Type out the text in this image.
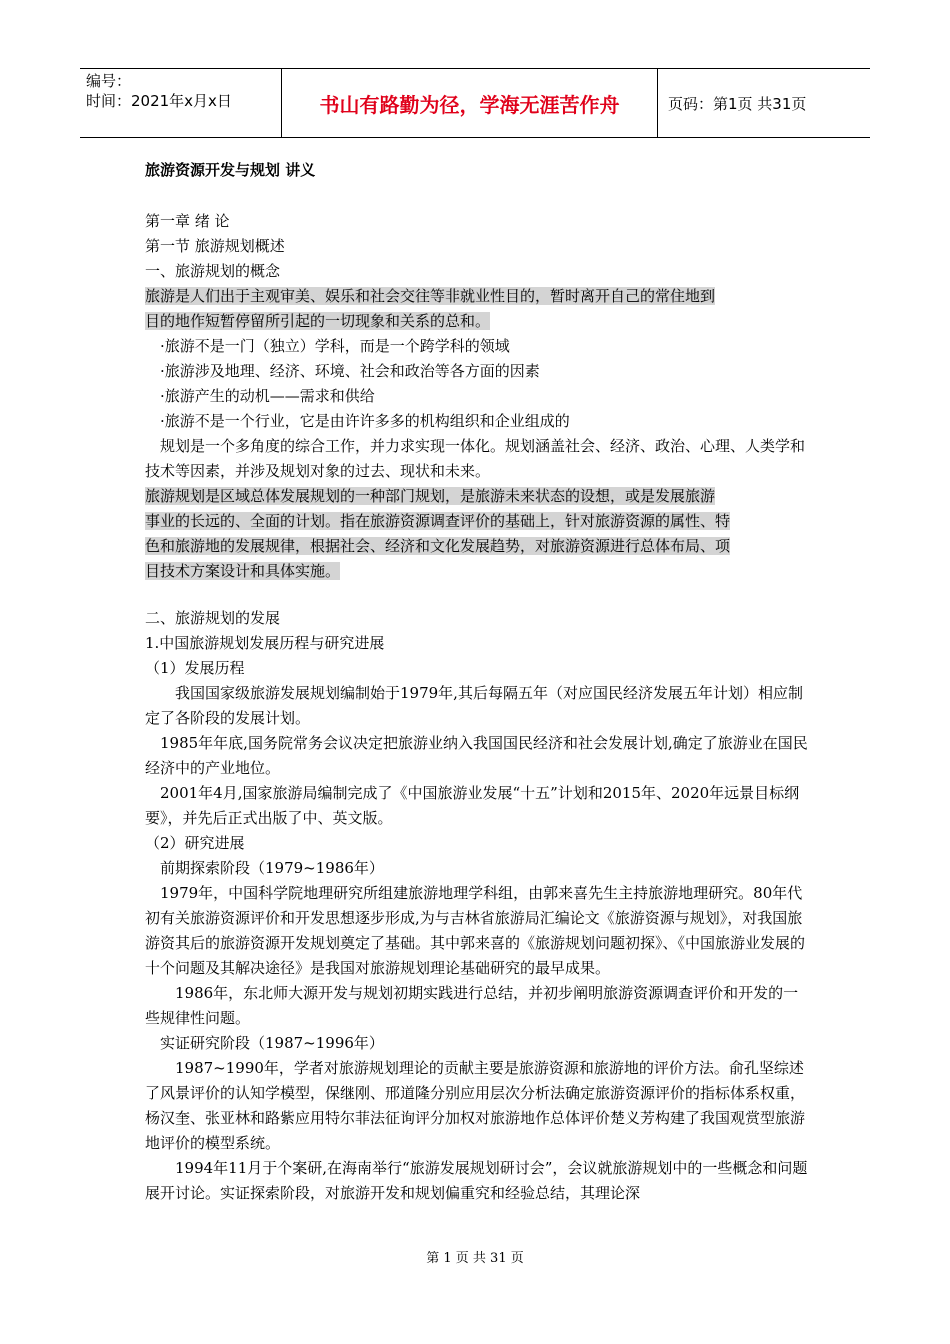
编号：
时间：2021年x月x日	书山有路勤为径，学海无涯苦作舟	页码：第1页 共31页

旅游资源开发与规划 讲义

第一章 绪 论

第一节 旅游规划概述

一、旅游规划的概念

旅游是人们出于主观审美、娱乐和社会交往等非就业性目的，暂时离开自己的常住地到

目的地作短暂停留所引起的一切现象和关系的总和。

·旅游不是一门（独立）学科，而是一个跨学科的领域

·旅游涉及地理、经济、环境、社会和政治等各方面的因素

·旅游产生的动机——需求和供给

·旅游不是一个行业，它是由许许多多的机构组织和企业组成的

规划是一个多角度的综合工作，并力求实现一体化。规划涵盖社会、经济、政治、心理、人类学和技术等因素，并涉及规划对象的过去、现状和未来。

旅游规划是区域总体发展规划的一种部门规划，是旅游未来状态的设想，或是发展旅游

事业的长远的、全面的计划。指在旅游资源调查评价的基础上，针对旅游资源的属性、特

色和旅游地的发展规律，根据社会、经济和文化发展趋势，对旅游资源进行总体布局、项

目技术方案设计和具体实施。

二、旅游规划的发展

1.中国旅游规划发展历程与研究进展

（1）发展历程

我国国家级旅游发展规划编制始于1979年,其后每隔五年（对应国民经济发展五年计划）相应制定了各阶段的发展计划。

1985年年底,国务院常务会议决定把旅游业纳入我国国民经济和社会发展计划,确定了旅游业在国民经济中的产业地位。

2001年4月,国家旅游局编制完成了《中国旅游业发展“十五”计划和2015年、2020年远景目标纲要》，并先后正式出版了中、英文版。

（2）研究进展

前期探索阶段（1979~1986年）

1979年，中国科学院地理研究所组建旅游地理学科组，由郭来喜先生主持旅游地理研究。80年代初有关旅游资源评价和开发思想逐步形成,为与吉林省旅游局汇编论文《旅游资源与规划》，对我国旅游资其后的旅游资源开发规划奠定了基础。其中郭来喜的《旅游规划问题初探》、《中国旅游业发展的十个问题及其解决途径》是我国对旅游规划理论基础研究的最早成果。

1986年，东北师大源开发与规划初期实践进行总结，并初步阐明旅游资源调查评价和开发的一些规律性问题。

实证研究阶段（1987~1996年）

1987~1990年，学者对旅游规划理论的贡献主要是旅游资源和旅游地的评价方法。俞孔坚综述了风景评价的认知学模型，保继刚、邢道隆分别应用层次分析法确定旅游资源评价的指标体系权重，杨汉奎、张亚林和路紫应用特尔菲法征询评分加权对旅游地作总体评价楚义芳构建了我国观赏型旅游地评价的模型系统。

1994年11月于个案研,在海南举行“旅游发展规划研讨会”，会议就旅游规划中的一些概念和问题展开讨论。实证探索阶段，对旅游开发和规划偏重究和经验总结，其理论深

第 1 页 共 31 页
